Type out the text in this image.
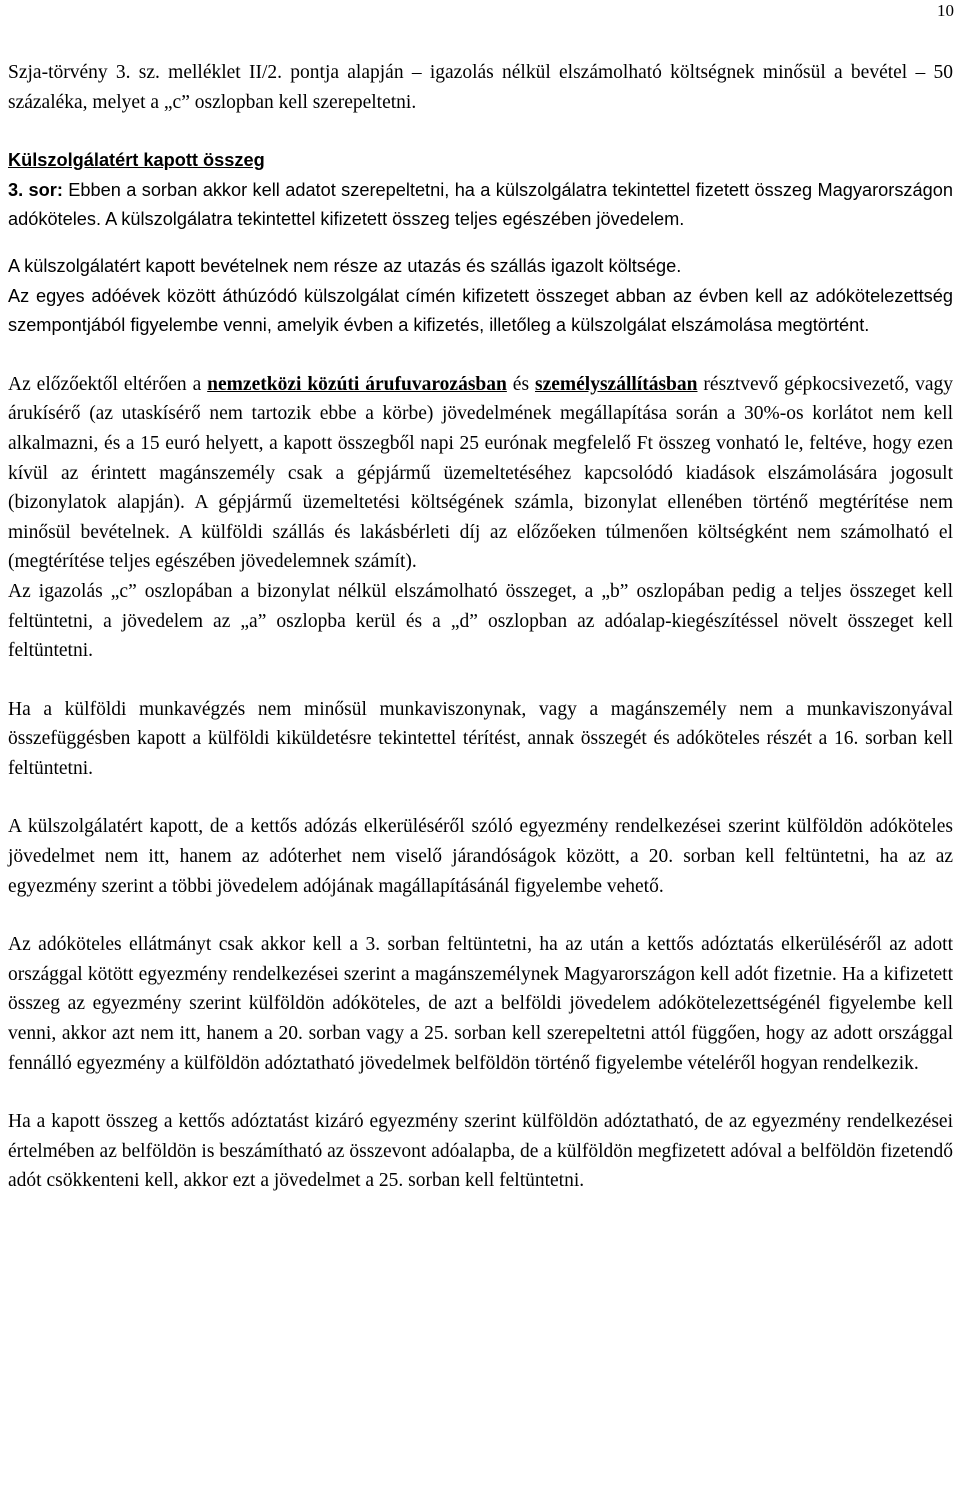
10

Szja-törvény 3. sz. melléklet II/2. pontja alapján – igazolás nélkül elszámolható költségnek minősül a bevétel – 50 százaléka, melyet a „c” oszlopban kell szerepeltetni.

Külszolgálatért kapott összeg

3. sor: Ebben a sorban akkor kell adatot szerepeltetni, ha a külszolgálatra tekintettel fizetett összeg Magyarországon adóköteles. A külszolgálatra tekintettel kifizetett összeg teljes egészében jövedelem.

A külszolgálatért kapott bevételnek nem része az utazás és szállás igazolt költsége.

Az egyes adóévek között áthúzódó külszolgálat címén kifizetett összeget abban az évben kell az adókötelezettség szempontjából figyelembe venni, amelyik évben a kifizetés, illetőleg a külszolgálat elszámolása megtörtént.

Az előzőektől eltérően a nemzetközi közúti árufuvarozásban és személyszállításban résztvevő gépkocsivezető, vagy árukísérő (az utaskísérő nem tartozik ebbe a körbe) jövedelmének megállapítása során a 30%-os korlátot nem kell alkalmazni, és a 15 euró helyett, a kapott összegből napi 25 eurónak megfelelő Ft összeg vonható le, feltéve, hogy ezen kívül az érintett magánszemély csak a gépjármű üzemeltetéséhez kapcsolódó kiadások elszámolására jogosult (bizonylatok alapján). A gépjármű üzemeltetési költségének számla, bizonylat ellenében történő megtérítése nem minősül bevételnek. A külföldi szállás és lakásbérleti díj az előzőeken túlmenően költségként nem számolható el (megtérítése teljes egészében jövedelemnek számít).

Az igazolás „c” oszlopában a bizonylat nélkül elszámolható összeget, a „b” oszlopában pedig a teljes összeget kell feltüntetni, a jövedelem az „a” oszlopba kerül és a „d” oszlopban az adóalap-kiegészítéssel növelt összeget kell feltüntetni.

Ha a külföldi munkavégzés nem minősül munkaviszonynak, vagy a magánszemély nem a munkaviszonyával összefüggésben kapott a külföldi kiküldetésre tekintettel térítést, annak összegét és adóköteles részét a 16. sorban kell feltüntetni.

A külszolgálatért kapott, de a kettős adózás elkerüléséről szóló egyezmény rendelkezései szerint külföldön adóköteles jövedelmet nem itt, hanem az adóterhet nem viselő járandóságok között, a 20. sorban kell feltüntetni, ha az az egyezmény szerint a többi jövedelem adójának magállapításánál figyelembe vehető.

Az adóköteles ellátmányt csak akkor kell a 3. sorban feltüntetni, ha az után a kettős adóztatás elkerüléséről az adott országgal kötött egyezmény rendelkezései szerint a magánszemélynek Magyarországon kell adót fizetnie. Ha a kifizetett összeg az egyezmény szerint külföldön adóköteles, de azt a belföldi jövedelem adókötelezettségénél figyelembe kell venni, akkor azt nem itt, hanem a 20. sorban vagy a 25. sorban kell szerepeltetni attól függően, hogy az adott országgal fennálló egyezmény a külföldön adóztatható jövedelmek belföldön történő figyelembe vételéről hogyan rendelkezik.

Ha a kapott összeg a kettős adóztatást kizáró egyezmény szerint külföldön adóztatható, de az egyezmény rendelkezései értelmében az belföldön is beszámítható az összevont adóalapba, de a külföldön megfizetett adóval a belföldön fizetendő adót csökkenteni kell, akkor ezt a jövedelmet a 25. sorban kell feltüntetni.
